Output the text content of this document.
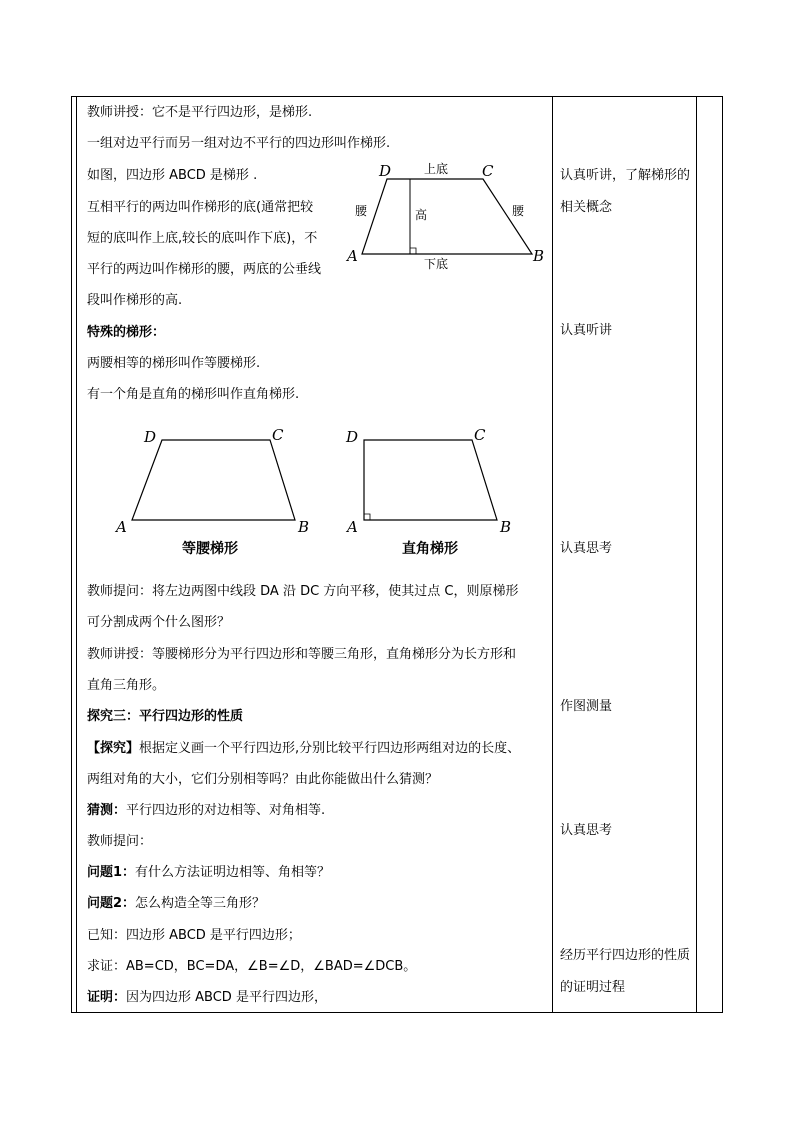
教师讲授：它不是平行四边形，是梯形.
一组对边平行而另一组对边不平行的四边形叫作梯形.
如图，四边形 ABCD 是梯形 .
互相平行的两边叫作梯形的底(通常把较
短的底叫作上底,较长的底叫作下底)，不
平行的两边叫作梯形的腰，两底的公垂线
段叫作梯形的高.
特殊的梯形：
两腰相等的梯形叫作等腰梯形.
有一个角是直角的梯形叫作直角梯形.
D	C
A	B
上底
下底
腰	腰
高
D	C
A	B
等腰梯形
D	C
A	B
直角梯形
教师提问：将左边两图中线段 DA 沿 DC 方向平移，使其过点 C，则原梯形
可分割成两个什么图形？
教师讲授：等腰梯形分为平行四边形和等腰三角形，直角梯形分为长方形和
直角三角形。
探究三：平行四边形的性质
【探究】根据定义画一个平行四边形,分别比较平行四边形两组对边的长度、
两组对角的大小，它们分别相等吗？由此你能做出什么猜测？
猜测：平行四边形的对边相等、对角相等.
教师提问：
问题1：有什么方法证明边相等、角相等？
问题2：怎么构造全等三角形？
已知：四边形 ABCD 是平行四边形；
求证：AB=CD，BC=DA，∠B=∠D，∠BAD=∠DCB。
证明：因为四边形 ABCD 是平行四边形，
认真听讲，了解梯形的相关概念
认真听讲
认真思考
作图测量
认真思考
经历平行四边形的性质的证明过程
